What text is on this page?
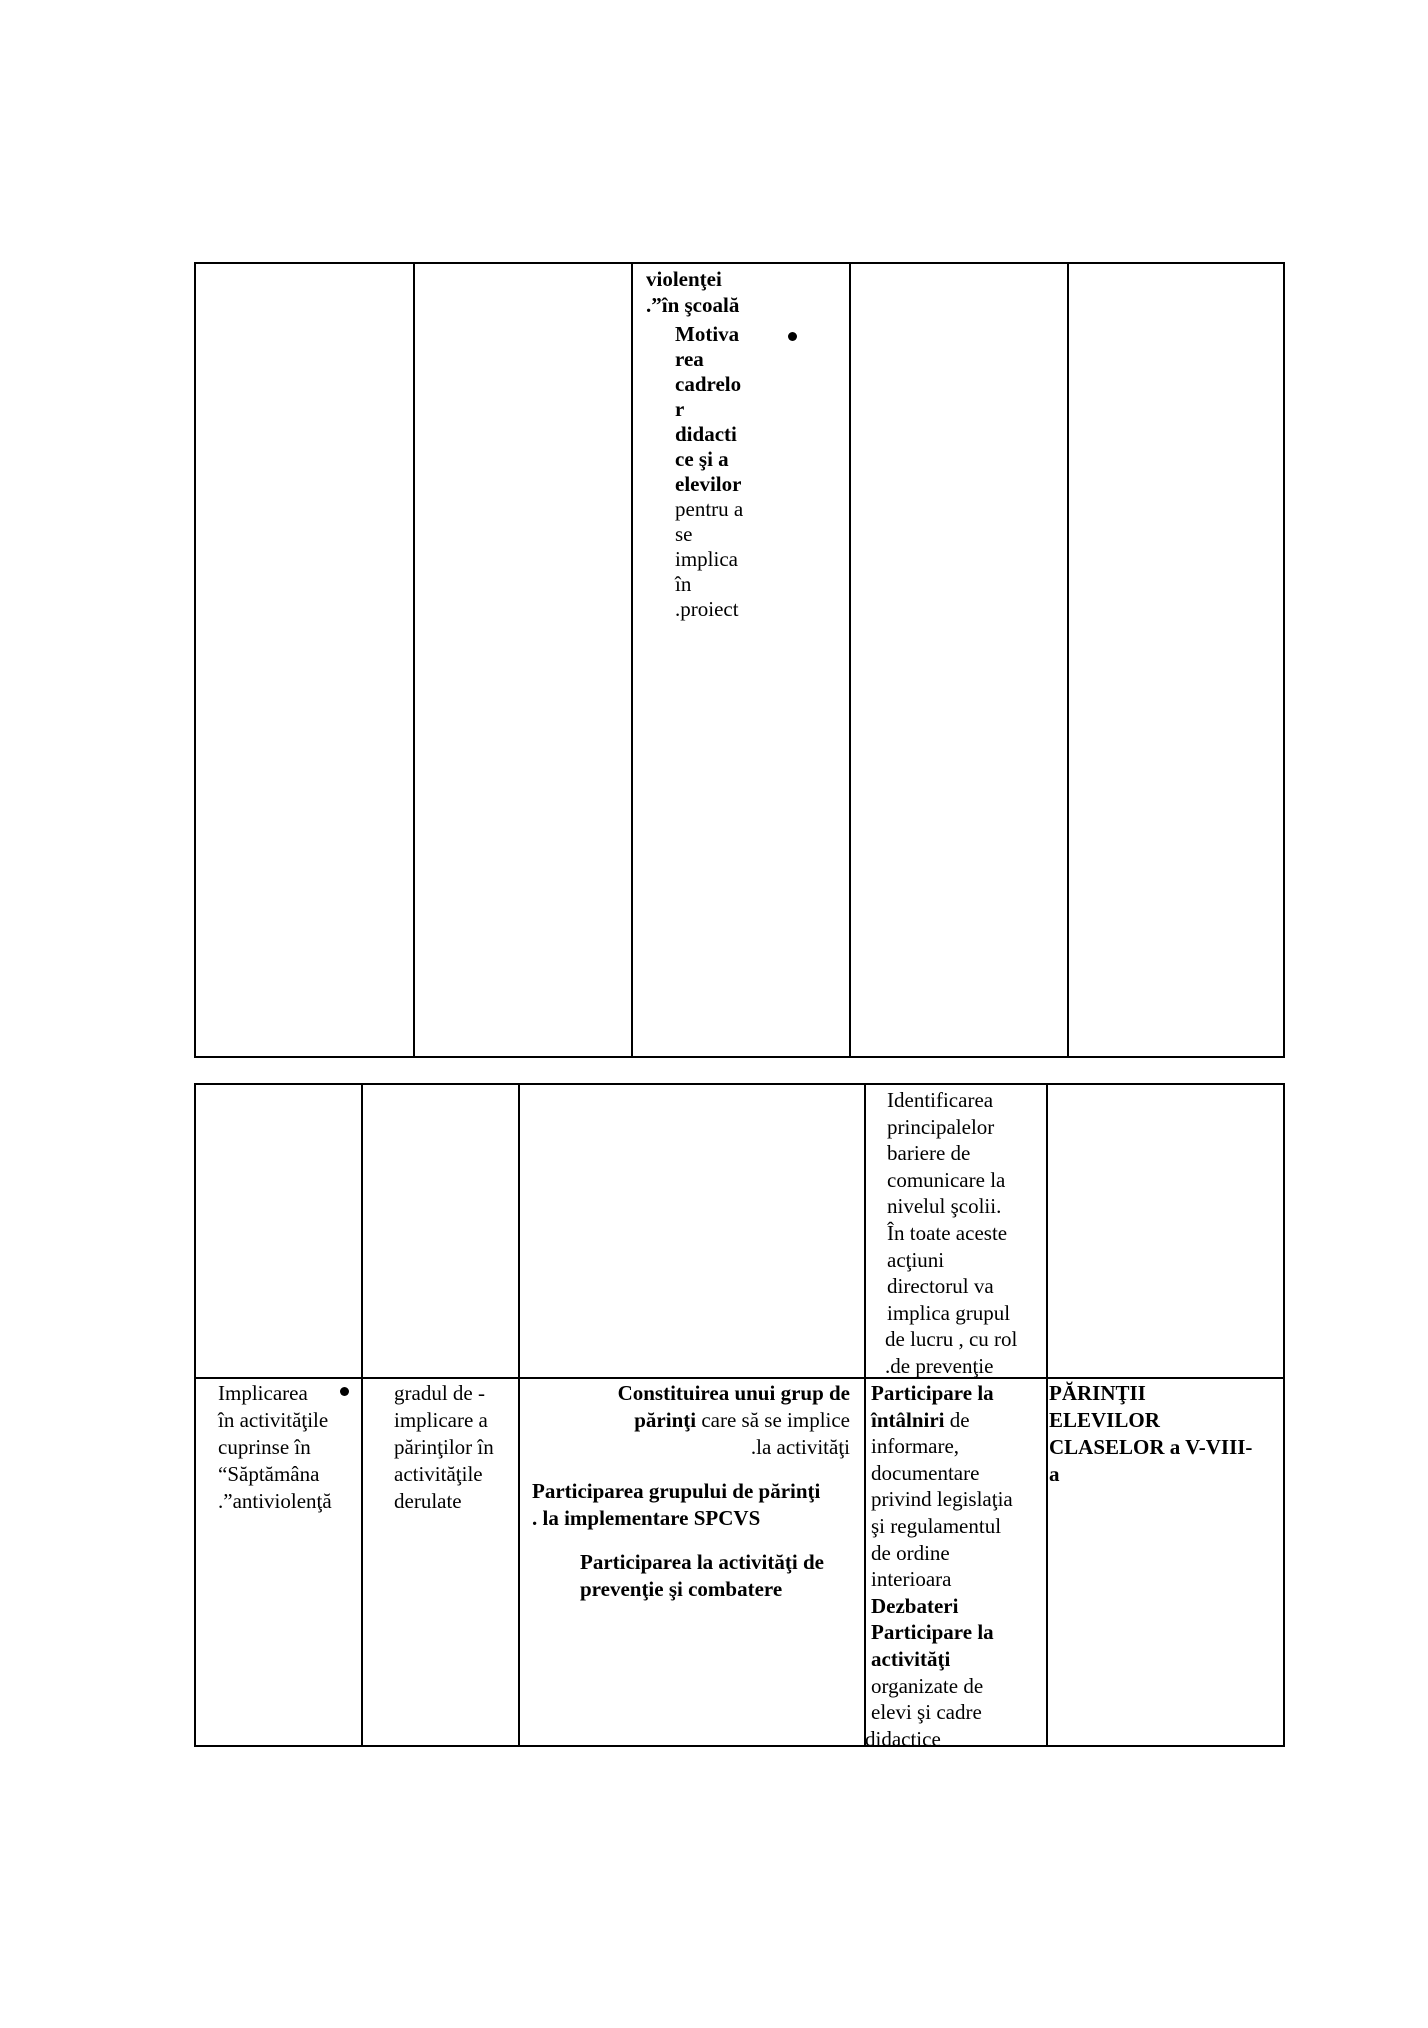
violenţei
.”în şcoală
Motiva
rea
cadrelo
r
didacti
ce şi a
elevilor
pentru a
se
implica
în
.proiect
Identificarea
principalelor
bariere de
comunicare la
nivelul şcolii.
În toate aceste
acţiuni
directorul va
implica grupul
de lucru , cu rol
.de prevenţie
Implicarea
în activităţile
cuprinse în
“Săptămâna
.”antiviolenţă
gradul de -
implicare a
părinţilor în
activităţile
derulate
Constituirea unui grup de
părinţi care să se implice
.la activităţi
Participarea grupului de părinţi
. la implementare SPCVS
Participarea la activităţi de
prevenţie şi combatere
Participare la
întâlniri de
informare,
documentare
privind legislaţia
şi regulamentul
de ordine
interioara
Dezbateri
Participare la
activităţi
organizate de
elevi şi cadre
didactice
PĂRINŢII
ELEVILOR
CLASELOR a V-VIII-
a
